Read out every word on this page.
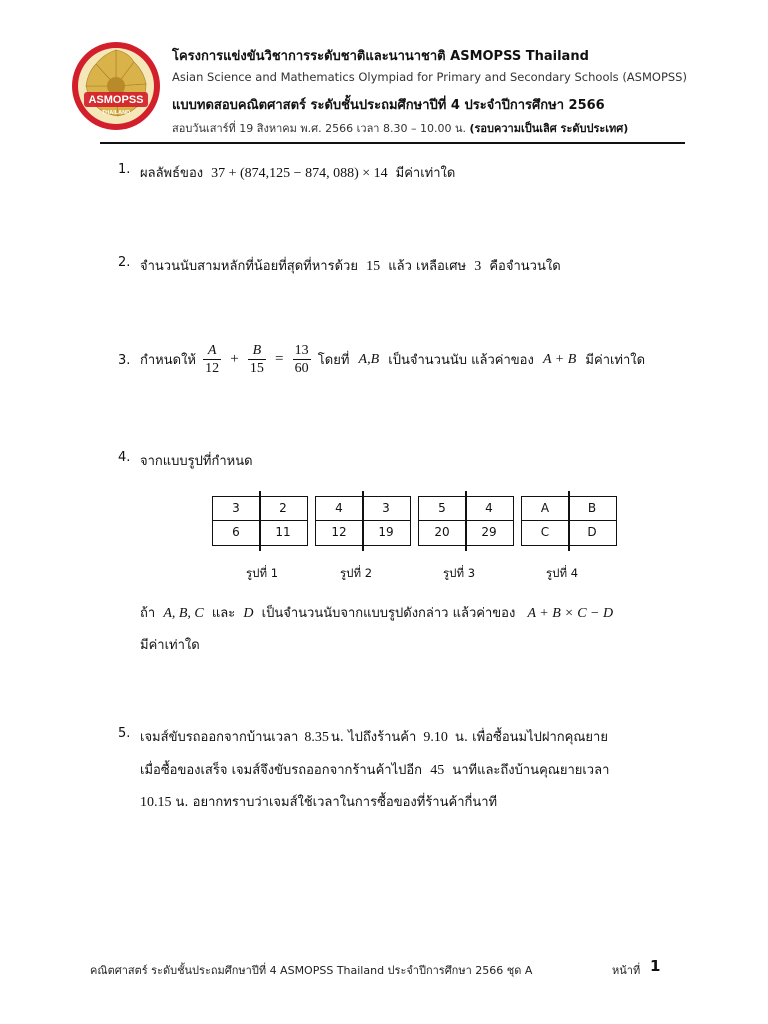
ASMOPSS
THAILAND
โครงการแข่งขันวิชาการระดับชาติและนานาชาติ ASMOPSS Thailand
Asian Science and Mathematics Olympiad for Primary and Secondary Schools (ASMOPSS)
แบบทดสอบคณิตศาสตร์ ระดับชั้นประถมศึกษาปีที่ 4 ประจำปีการศึกษา 2566
สอบวันเสาร์ที่ 19 สิงหาคม พ.ศ. 2566 เวลา 8.30 – 10.00 น. (รอบความเป็นเลิศ ระดับประเทศ)
1. ผลลัพธ์ของ 37 + (874,125 − 874, 088) × 14 มีค่าเท่าใด
2. จำนวนนับสามหลักที่น้อยที่สุดที่หารด้วย 15 แล้ว เหลือเศษ 3 คือจำนวนใด
3. กำหนดให้ $\frac{A}{12} + \frac{B}{15} = \frac{13}{60}$ โดยที่ A,B เป็นจำนวนนับ แล้วค่าของ A + B มีค่าเท่าใด
4. จากแบบรูปที่กำหนด
3	2
6	11
4	3
12	19
5	4
20	29
A	B
C	D
รูปที่ 1	รูปที่ 2	รูปที่ 3	รูปที่ 4
ถ้า A, B, C และ D เป็นจำนวนนับจากแบบรูปดังกล่าว แล้วค่าของ A + B × C − D
มีค่าเท่าใด
5. เจมส์ขับรถออกจากบ้านเวลา 8.35 น. ไปถึงร้านค้า 9.10 น. เพื่อซื้อนมไปฝากคุณยาย
เมื่อซื้อของเสร็จ เจมส์จึงขับรถออกจากร้านค้าไปอีก 45 นาทีและถึงบ้านคุณยายเวลา
10.15 น. อยากทราบว่าเจมส์ใช้เวลาในการซื้อของที่ร้านค้ากี่นาที
คณิตศาสตร์ ระดับชั้นประถมศึกษาปีที่ 4 ASMOPSS Thailand ประจำปีการศึกษา 2566 ชุด A	หน้าที่ 1
